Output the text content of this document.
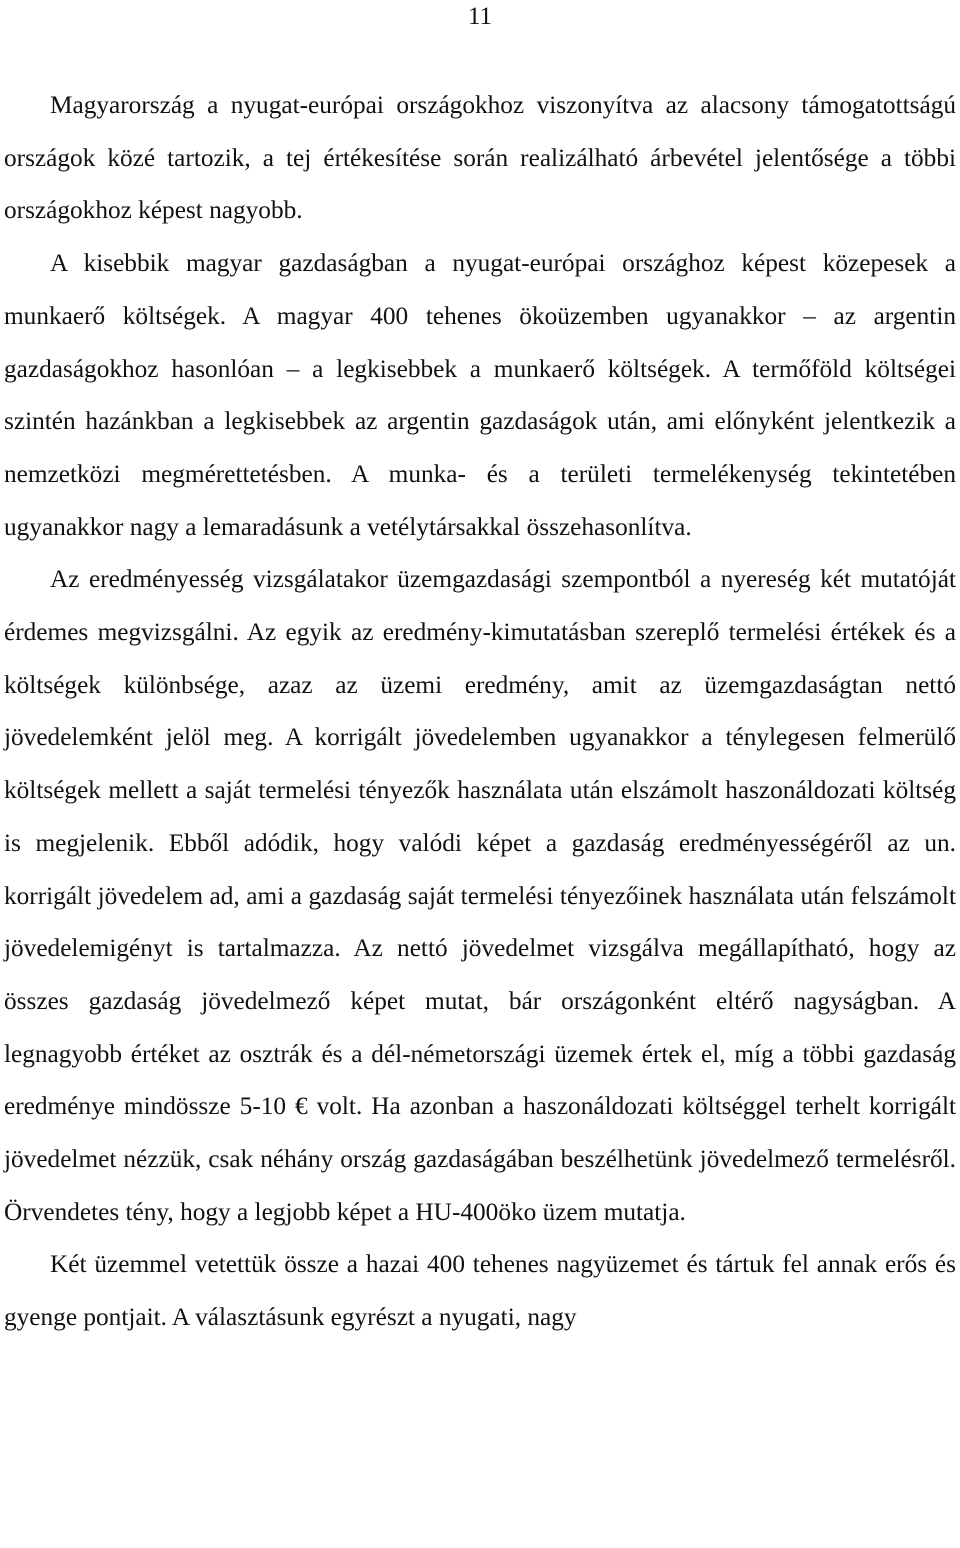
11

Magyarország a nyugat-európai országokhoz viszonyítva az alacsony támogatottságú országok közé tartozik, a tej értékesítése során realizálható árbevétel jelentősége a többi országokhoz képest nagyobb.

A kisebbik magyar gazdaságban a nyugat-európai országhoz képest közepesek a munkaerő költségek. A magyar 400 tehenes ökoüzemben ugyanakkor – az argentin gazdaságokhoz hasonlóan – a legkisebbek a munkaerő költségek. A termőföld költségei szintén hazánkban a legkisebbek az argentin gazdaságok után, ami előnyként jelentkezik a nemzetközi megmérettetésben. A munka- és a területi termelékenység tekintetében ugyanakkor nagy a lemaradásunk a vetélytársakkal összehasonlítva.

Az eredményesség vizsgálatakor üzemgazdasági szempontból a nyereség két mutatóját érdemes megvizsgálni. Az egyik az eredmény-kimutatásban szereplő termelési értékek és a költségek különbsége, azaz az üzemi eredmény, amit az üzemgazdaságtan nettó jövedelemként jelöl meg. A korrigált jövedelemben ugyanakkor a ténylegesen felmerülő költségek mellett a saját termelési tényezők használata után elszámolt haszonáldozati költség is megjelenik. Ebből adódik, hogy valódi képet a gazdaság eredményességéről az un. korrigált jövedelem ad, ami a gazdaság saját termelési tényezőinek használata után felszámolt jövedelemigényt is tartalmazza. Az nettó jövedelmet vizsgálva megállapítható, hogy az összes gazdaság jövedelmező képet mutat, bár országonként eltérő nagyságban. A legnagyobb értéket az osztrák és a dél-németországi üzemek értek el, míg a többi gazdaság eredménye mindössze 5-10 € volt. Ha azonban a haszonáldozati költséggel terhelt korrigált jövedelmet nézzük, csak néhány ország gazdaságában beszélhetünk jövedelmező termelésről. Örvendetes tény, hogy a legjobb képet a HU-400öko üzem mutatja.

Két üzemmel vetettük össze a hazai 400 tehenes nagyüzemet és tártuk fel annak erős és gyenge pontjait. A választásunk egyrészt a nyugati, nagy
